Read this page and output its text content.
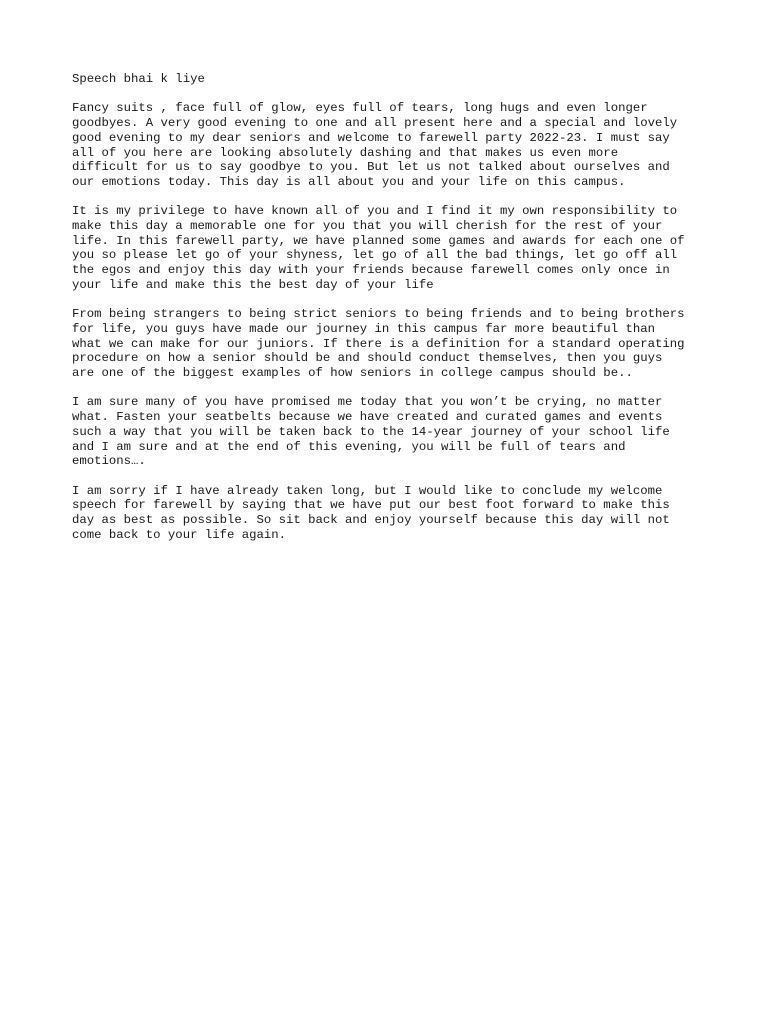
Speech bhai k liye
Fancy suits , face full of glow, eyes full of tears, long hugs and even longer
goodbyes. A very good evening to one and all present here and a special and lovely
good evening to my dear seniors and welcome to farewell party 2022-23. I must say
all of you here are looking absolutely dashing and that makes us even more
difficult for us to say goodbye to you. But let us not talked about ourselves and
our emotions today. This day is all about you and your life on this campus.
It is my privilege to have known all of you and I find it my own responsibility to
make this day a memorable one for you that you will cherish for the rest of your
life. In this farewell party, we have planned some games and awards for each one of
you so please let go of your shyness, let go of all the bad things, let go off all
the egos and enjoy this day with your friends because farewell comes only once in
your life and make this the best day of your life
From being strangers to being strict seniors to being friends and to being brothers
for life, you guys have made our journey in this campus far more beautiful than
what we can make for our juniors. If there is a definition for a standard operating
procedure on how a senior should be and should conduct themselves, then you guys
are one of the biggest examples of how seniors in college campus should be..
I am sure many of you have promised me today that you won’t be crying, no matter
what. Fasten your seatbelts because we have created and curated games and events
such a way that you will be taken back to the 14-year journey of your school life
and I am sure and at the end of this evening, you will be full of tears and
emotions….
I am sorry if I have already taken long, but I would like to conclude my welcome
speech for farewell by saying that we have put our best foot forward to make this
day as best as possible. So sit back and enjoy yourself because this day will not
come back to your life again.
